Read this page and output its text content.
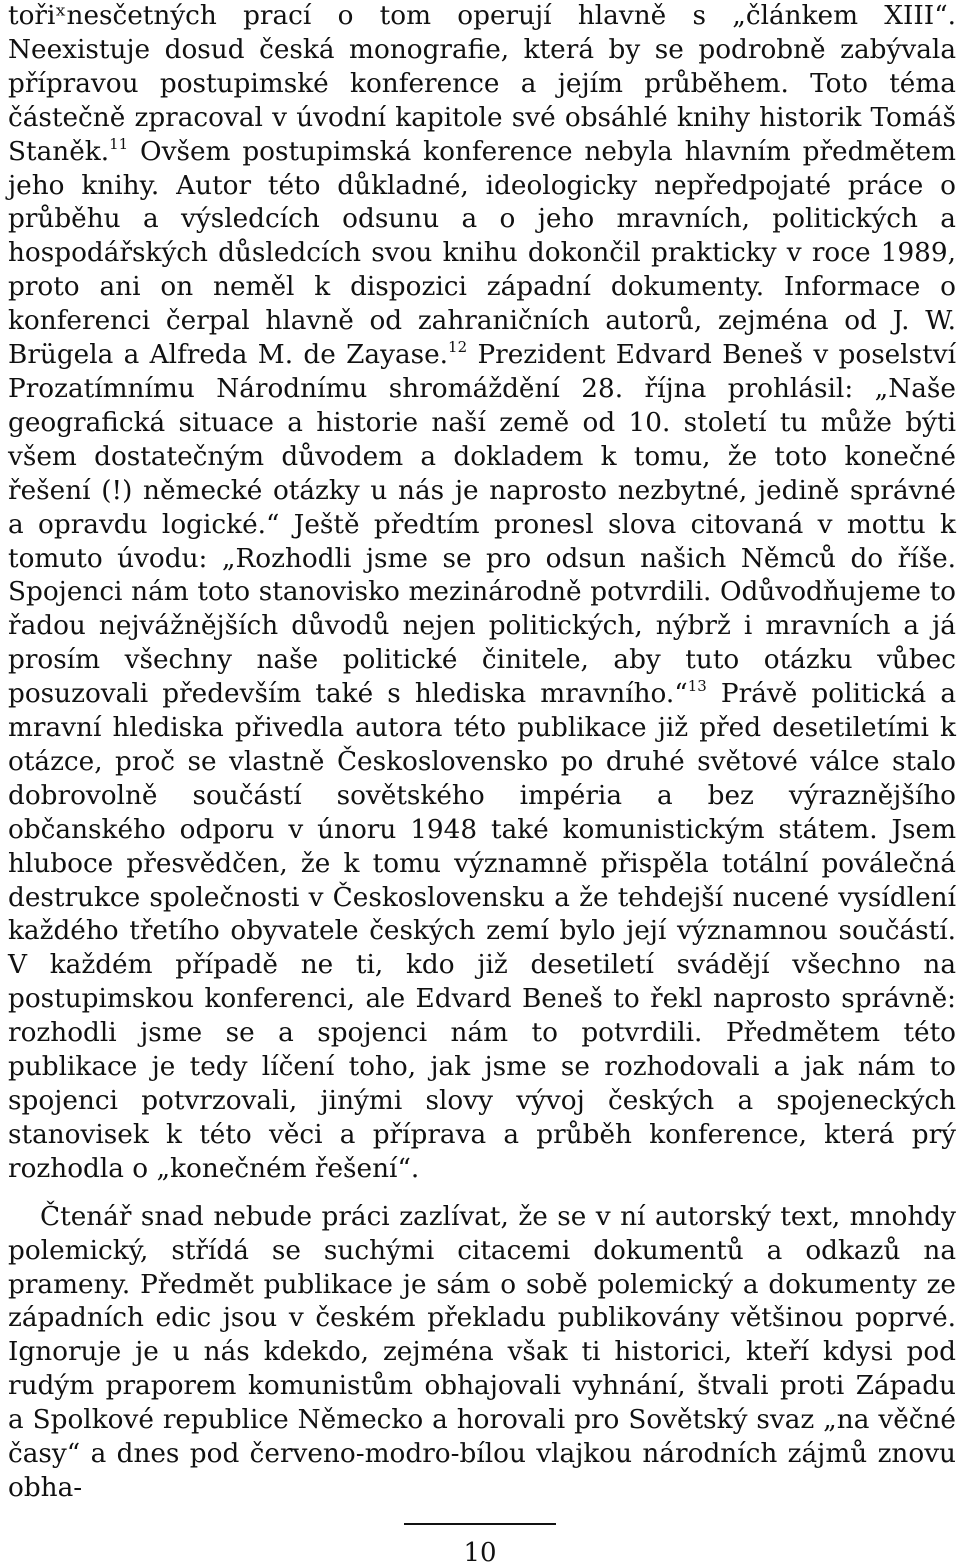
tořiˣnesčetných prací o tom operují hlavně s „článkem XIII“. Neexistuje dosud česká monografie, která by se podrobně zabývala přípravou postupimské konference a jejím průběhem. Toto téma částečně zpracoval v úvodní kapitole své obsáhlé knihy historik Tomáš Staněk.$^{11}$ Ovšem postupimská konference nebyla hlavním předmětem jeho knihy. Autor této důkladné, ideologicky nepředpojaté práce o průběhu a výsledcích odsunu a o jeho mravních, politických a hospodářských důsledcích svou knihu dokončil prakticky v roce 1989, proto ani on neměl k dispozici západní dokumenty. Informace o konferenci čerpal hlavně od zahraničních autorů, zejména od J. W. Brügela a Alfreda M. de Zayase.$^{12}$ Prezident Edvard Beneš v poselství Prozatímnímu Národnímu shromáždění 28. října prohlásil: „Naše geografická situace a historie naší země od 10. století tu může býti všem dostatečným důvodem a dokladem k tomu, že toto konečné řešení (!) německé otázky u nás je naprosto nezbytné, jedině správné a opravdu logické.“ Ještě předtím pronesl slova citovaná v mottu k tomuto úvodu: „Rozhodli jsme se pro odsun našich Němců do říše. Spojenci nám toto stanovisko mezinárodně potvrdili. Odůvodňujeme to řadou nejvážnějších důvodů nejen politických, nýbrž i mravních a já prosím všechny naše politické činitele, aby tuto otázku vůbec posuzovali především také s hlediska mravního.“$^{13}$ Právě politická a mravní hlediska přivedla autora této publikace již před desetiletími k otázce, proč se vlastně Československo po druhé světové válce stalo dobrovolně součástí sovětského impéria a bez výraznějšího občanského odporu v únoru 1948 také komunistickým státem. Jsem hluboce přesvědčen, že k tomu významně přispěla totální poválečná destrukce společnosti v Československu a že tehdejší nucené vysídlení každého třetího obyvatele českých zemí bylo její významnou součástí. V každém případě ne ti, kdo již desetiletí svádějí všechno na postupimskou konferenci, ale Edvard Beneš to řekl naprosto správně: rozhodli jsme se a spojenci nám to potvrdili. Předmětem této publikace je tedy líčení toho, jak jsme se rozhodovali a jak nám to spojenci potvrzovali, jinými slovy vývoj českých a spojeneckých stanovisek k této věci a příprava a průběh konference, která prý rozhodla o „konečném řešení“.

Čtenář snad nebude práci zazlívat, že se v ní autorský text, mnohdy polemický, střídá se suchými citacemi dokumentů a odkazů na prameny. Předmět publikace je sám o sobě polemický a dokumenty ze západních edic jsou v českém překladu publikovány většinou poprvé. Ignoruje je u nás kdekdo, zejména však ti historici, kteří kdysi pod rudým praporem komunistům obhajovali vyhnání, štvali proti Západu a Spolkové republice Německo a horovali pro Sovětský svaz „na věčné časy“ a dnes pod červeno-modro-bílou vlajkou národních zájmů znovu obha-

10
